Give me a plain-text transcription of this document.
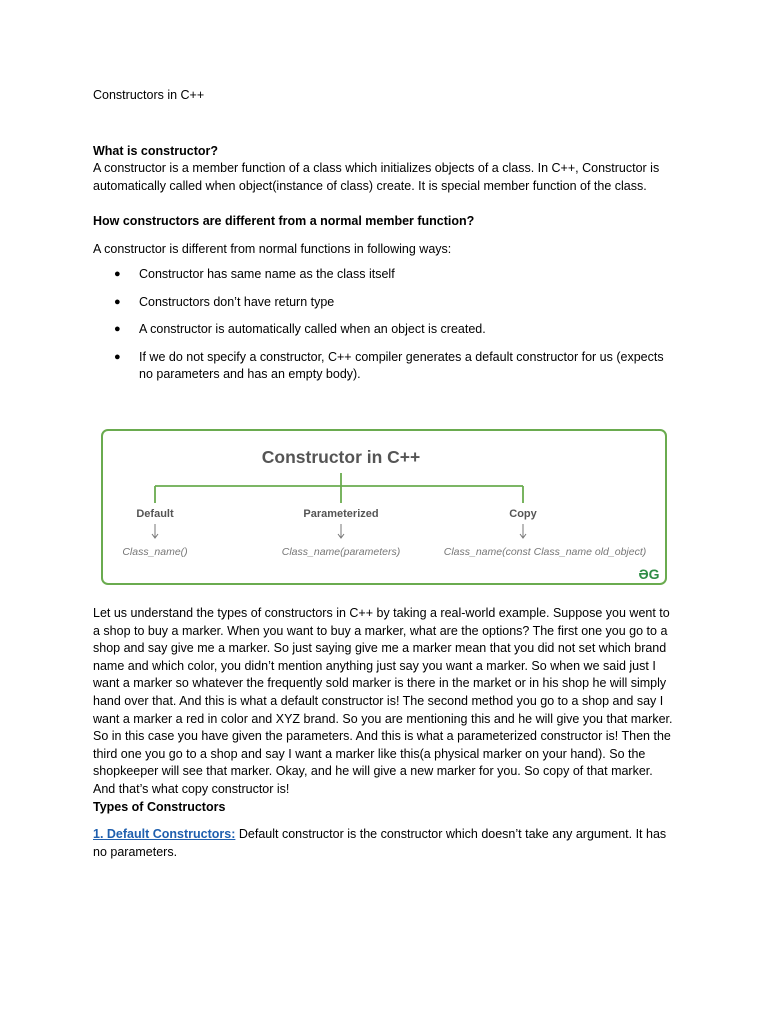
Constructors in C++
What is constructor?
A constructor is a member function of a class which initializes objects of a class. In C++, Constructor is automatically called when object(instance of class) create. It is special member function of the class.
How constructors are different from a normal member function?
A constructor is different from normal functions in following ways:
● Constructor has same name as the class itself
● Constructors don’t have return type
● A constructor is automatically called when an object is created.
● If we do not specify a constructor, C++ compiler generates a default constructor for us (expects no parameters and has an empty body).
Let us understand the types of constructors in C++ by taking a real-world example. Suppose you went to a shop to buy a marker. When you want to buy a marker, what are the options? The first one you go to a shop and say give me a marker. So just saying give me a marker mean that you did not set which brand name and which color, you didn’t mention anything just say you want a marker. So when we said just I want a marker so whatever the frequently sold marker is there in the market or in his shop he will simply hand over that. And this is what a default constructor is! The second method you go to a shop and say I want a marker a red in color and XYZ brand. So you are mentioning this and he will give you that marker. So in this case you have given the parameters. And this is what a parameterized constructor is! Then the third one you go to a shop and say I want a marker like this(a physical marker on your hand). So the shopkeeper will see that marker. Okay, and he will give a new marker for you. So copy of that marker. And that’s what copy constructor is!
Types of Constructors
1. Default Constructors: Default constructor is the constructor which doesn’t take any argument. It has no parameters.
Constructor in C++
Default	Parameterized	Copy
Class_name()	Class_name(parameters)	Class_name(const Class_name old_object)
ƏG
